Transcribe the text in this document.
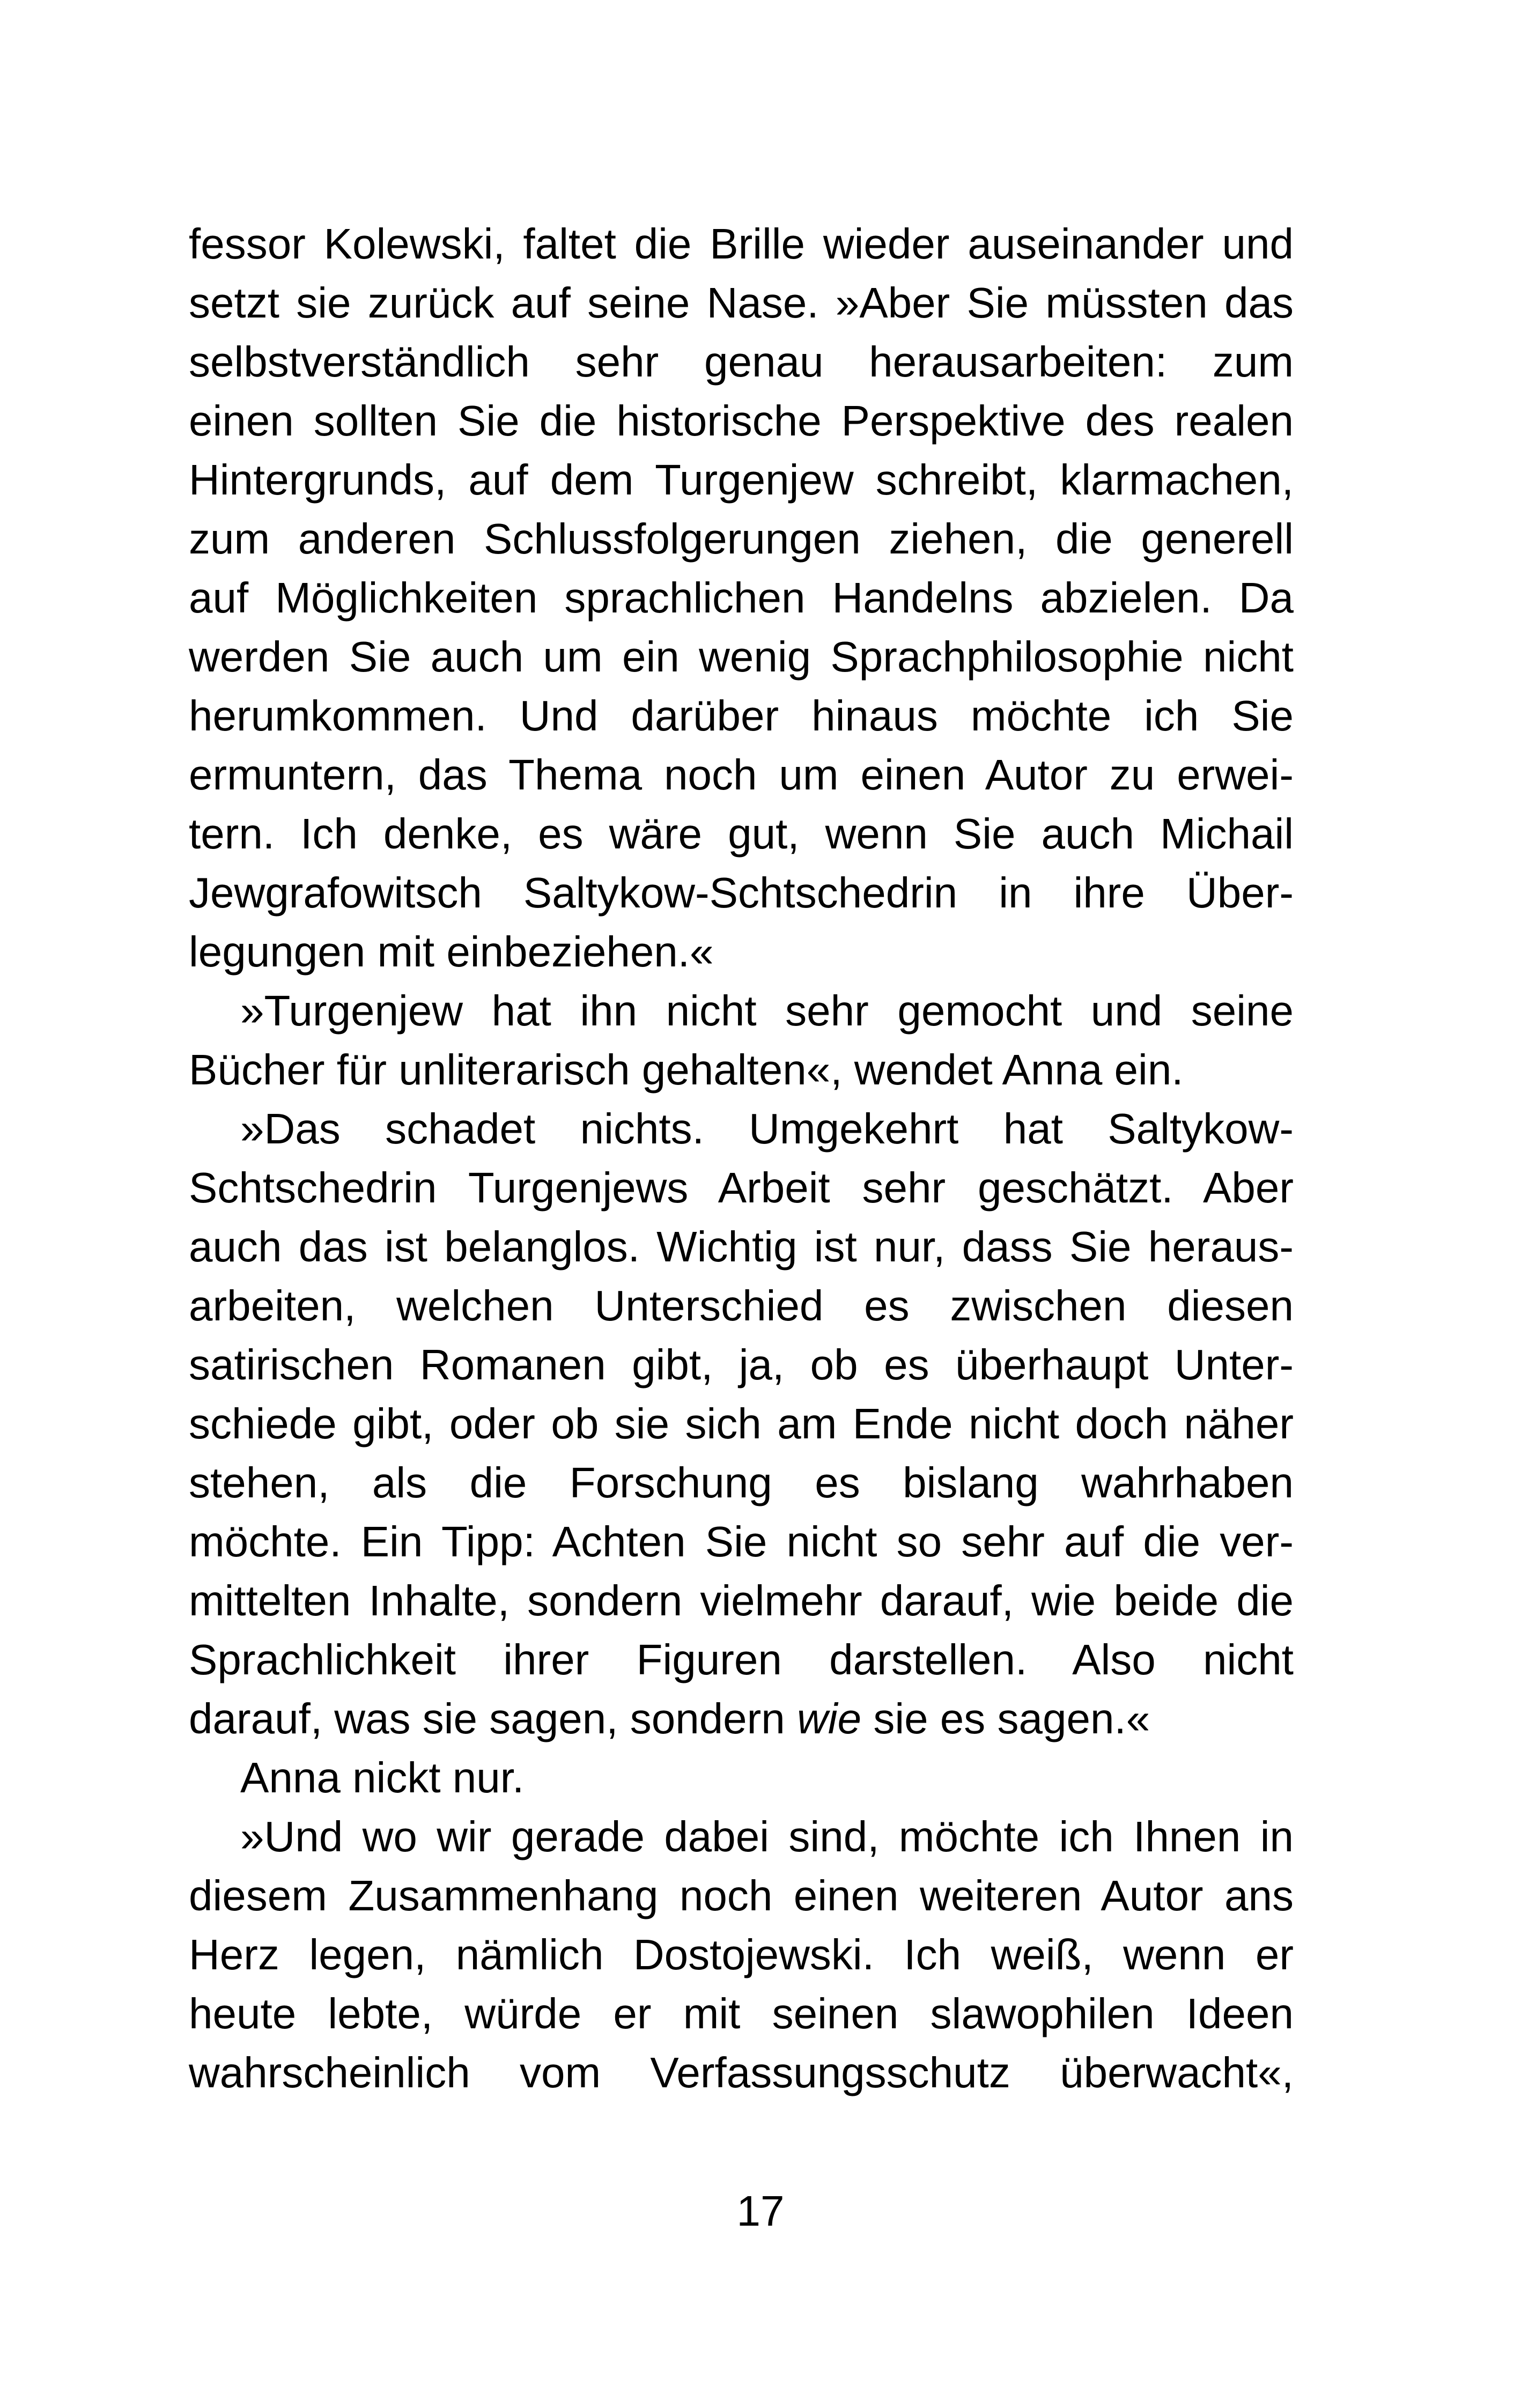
fessor Kolewski, faltet die Brille wieder auseinander und
setzt sie zurück auf seine Nase. »Aber Sie müssten das
selbstverständlich sehr genau herausarbeiten: zum
einen sollten Sie die historische Perspektive des realen
Hintergrunds, auf dem Turgenjew schreibt, klarmachen,
zum anderen Schlussfolgerungen ziehen, die generell
auf Möglichkeiten sprachlichen Handelns abzielen. Da
werden Sie auch um ein wenig Sprachphilosophie nicht
herumkommen. Und darüber hinaus möchte ich Sie
ermuntern, das Thema noch um einen Autor zu erwei-
tern. Ich denke, es wäre gut, wenn Sie auch Michail
Jewgrafowitsch Saltykow-Schtschedrin in ihre Über-
legungen mit einbeziehen.«
»Turgenjew hat ihn nicht sehr gemocht und seine
Bücher für unliterarisch gehalten«, wendet Anna ein.
»Das schadet nichts. Umgekehrt hat Saltykow-
Schtschedrin Turgenjews Arbeit sehr geschätzt. Aber
auch das ist belanglos. Wichtig ist nur, dass Sie heraus-
arbeiten, welchen Unterschied es zwischen diesen
satirischen Romanen gibt, ja, ob es überhaupt Unter-
schiede gibt, oder ob sie sich am Ende nicht doch näher
stehen, als die Forschung es bislang wahrhaben
möchte. Ein Tipp: Achten Sie nicht so sehr auf die ver-
mittelten Inhalte, sondern vielmehr darauf, wie beide die
Sprachlichkeit ihrer Figuren darstellen. Also nicht
darauf, was sie sagen, sondern wie sie es sagen.«
Anna nickt nur.
»Und wo wir gerade dabei sind, möchte ich Ihnen in
diesem Zusammenhang noch einen weiteren Autor ans
Herz legen, nämlich Dostojewski. Ich weiß, wenn er
heute lebte, würde er mit seinen slawophilen Ideen
wahrscheinlich vom Verfassungsschutz überwacht«,
17
